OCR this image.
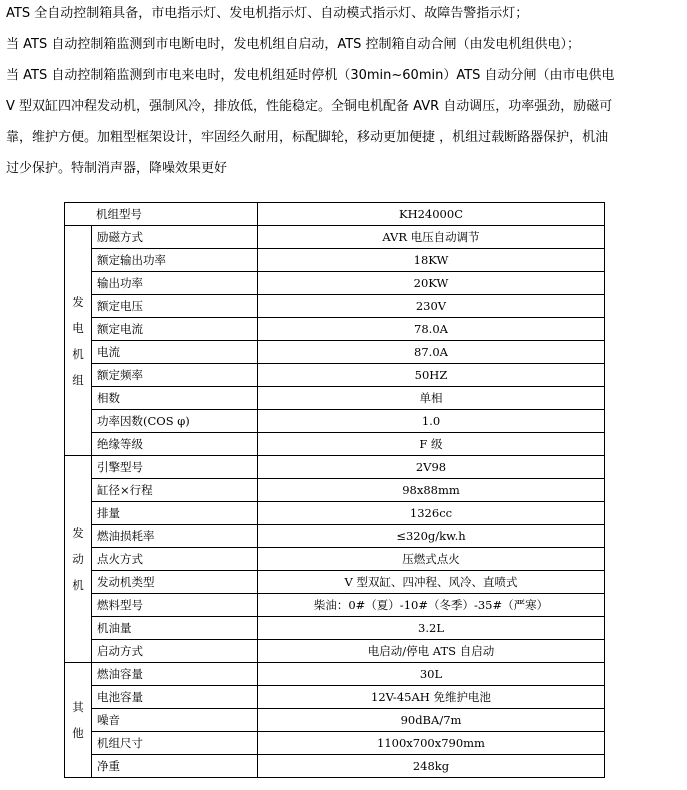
ATS 全自动控制箱具备，市电指示灯、发电机指示灯、自动模式指示灯、故障告警指示灯；
当 ATS 自动控制箱监测到市电断电时，发电机组自启动，ATS 控制箱自动合闸（由发电机组供电）；
当 ATS 自动控制箱监测到市电来电时，发电机组延时停机（30min~60min）ATS 自动分闸（由市电供电
V 型双缸四冲程发动机，强制风冷，排放低，性能稳定。全铜电机配备 AVR 自动调压，功率强劲，励磁可
靠，维护方便。加粗型框架设计，牢固经久耐用，标配脚轮，移动更加便捷 ，机组过载断路器保护，机油
过少保护。特制消声器，降噪效果更好
机组型号		KH24000C

发
电
机
组	励磁方式	AVR 电压自动调节
	额定输出功率	18KW
	输出功率	20KW
	额定电压	230V
	额定电流	78.0A
	电流	87.0A
	额定频率	50HZ
	相数	单相
	功率因数(COS φ)	1.0
	绝缘等级	F 级

发
动
机	引擎型号	2V98
	缸径×行程	98x88mm
	排量	1326cc
	燃油损耗率	≤320g/kw.h
	点火方式	压燃式点火
	发动机类型	V 型双缸、四冲程、风冷、直喷式
	燃料型号	柴油：0#（夏）-10#（冬季）-35#（严寒）
	机油量	3.2L
	启动方式	电启动/停电 ATS 自启动

其
他	燃油容量	30L
	电池容量	12V-45AH 免维护电池
	噪音	90dBA/7m
	机组尺寸	1100x700x790mm
	净重	248kg
